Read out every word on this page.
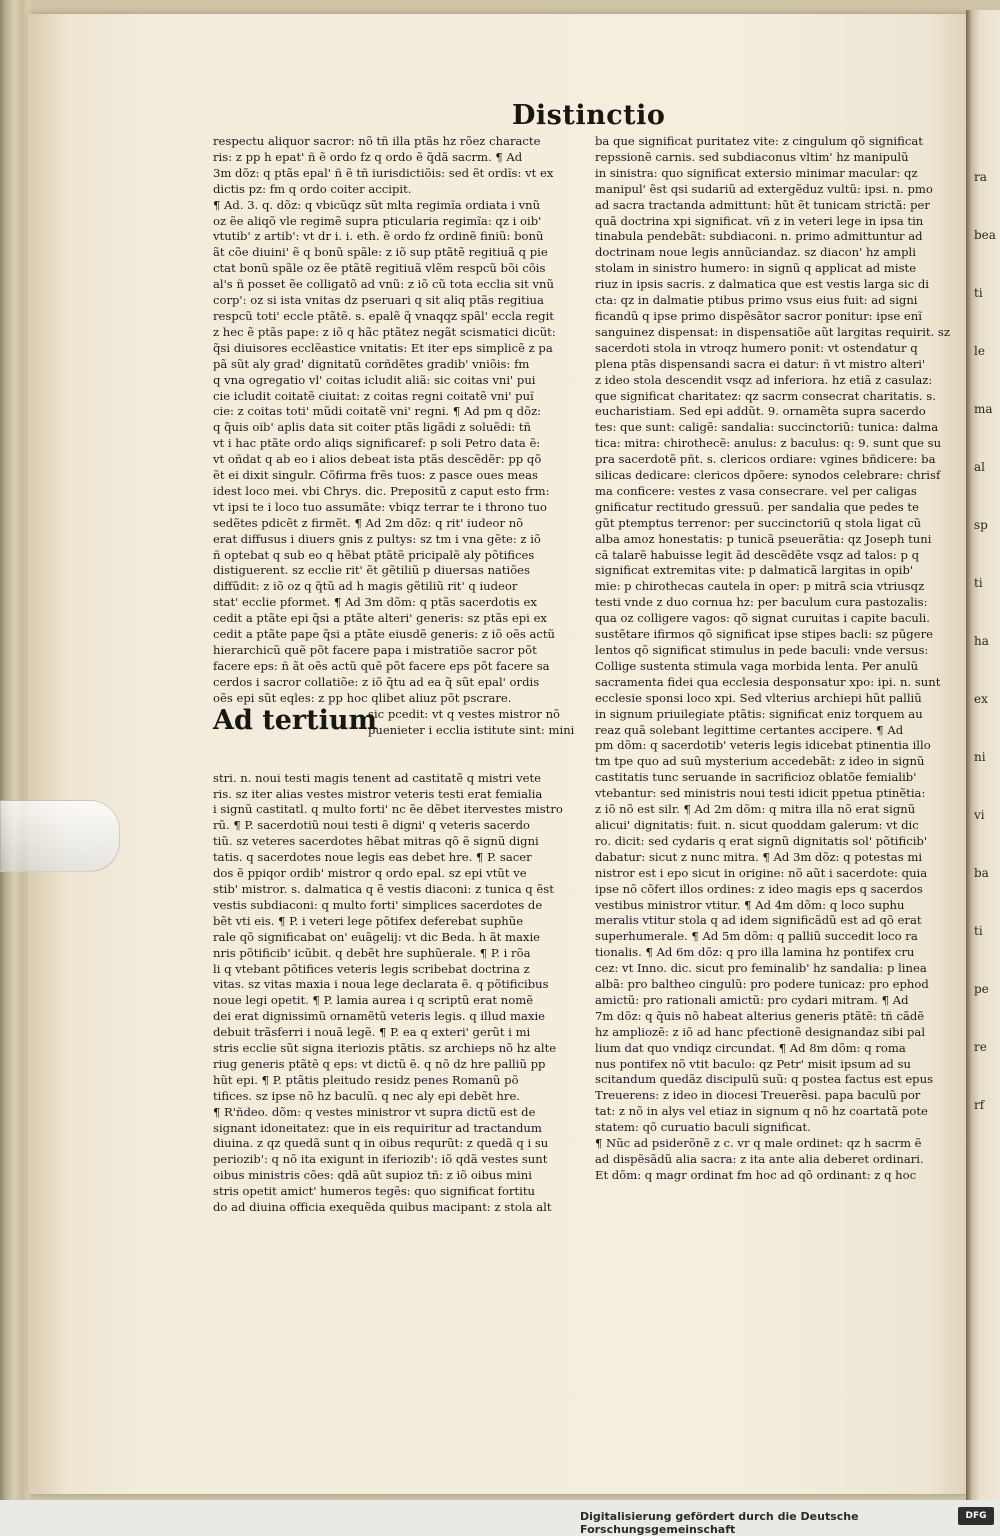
ra
bea
ti
le
ma
al
sp
ti
ha
ex
ni
vi
ba
ti
pe
re
rf
Distinctio

respectu aliquor sacror: nõ tñ illa ptãs hz rõez characte

ris: z pp h epat' ñ ẽ ordo fz q ordo ẽ q̃dã sacrm. ¶ Ad

3m dõz: q ptãs epal' ñ ẽ tñ iurisdictiõis: sed ẽt ordĩs: vt ex

dictis pz: fm q ordo coiter accipit.

¶ Ad. 3. q. dõz: q vbicũqz sũt mlta regimĩa ordiata i vnũ

oz ẽe aliqõ vle regimẽ supra pticularia regimĩa: qz i oib'

vtutib' z artib': vt dr i. i. eth. ẽ ordo fz ordinẽ finiũ: bonũ

ãt cõe diuini' ẽ q bonũ spãle: z iõ sup ptãtẽ regitiuã q pie

ctat bonũ spãle oz ẽe ptãtẽ regitiuã vlẽm respcũ bõi cõis

al's ñ posset ẽe colligatõ ad vnũ: z iõ cũ tota ecclia sit vnũ

corp': oz si ista vnitas dz pseruari q sit aliq ptãs regitiua

respcũ toti' eccle ptãtẽ. s. epalẽ q̃ vnaqqz spãl' eccla regit

z hec ẽ ptãs pape: z iõ q hãc ptãtez negãt scismatici dicũt:

q̃si diuisores ecclẽastice vnitatis: Et iter eps simplicẽ z pa

pã sũt aly grad' dignitatũ corñdẽtes gradib' vniõis: fm

q vna ogregatio vl' coitas icludit aliã: sic coitas vni' pui

cie icludit coitatẽ ciuitat: z coitas regni coitatẽ vni' puĩ

cie: z coitas toti' mũdi coitatẽ vni' regni. ¶ Ad pm q dõz:

q q̃uis oib' aplis data sit coiter ptãs ligãdi z soluẽdi: tñ

vt i hac ptãte ordo aliqs significaref: p soli Petro data ẽ:

vt oñdat q ab eo i alios debeat ista ptãs descẽdẽr: pp qõ

ẽt ei dixit singulr. Cõfirma frẽs tuos: z pasce oues meas

idest loco mei. vbi Chrys. dic. Prepositũ z caput esto frm:

vt ipsi te i loco tuo assumãte: vbiqz terrar te i throno tuo

sedẽtes pdicẽt z firmẽt. ¶ Ad 2m dõz: q rit' iudeor nõ

erat diffusus i diuers gnis z pultys: sz tm i vna gẽte: z iõ

ñ optebat q sub eo q hẽbat ptãtẽ pricipalẽ aly põtifices

distiguerent. sz ecclie rit' ẽt gẽtiliũ p diuersas natiões

diffũdit: z iõ oz q q̃tũ ad h magis gẽtiliũ rit' q iudeor

stat' ecclie pformet. ¶ Ad 3m dõm: q ptãs sacerdotis ex

cedit a ptãte epi q̃si a ptãte alteri' generis: sz ptãs epi ex

cedit a ptãte pape q̃si a ptãte eiusdẽ generis: z iõ oẽs actũ

hierarchicũ quẽ põt facere papa i mistratiõe sacror põt

facere eps: ñ ãt oẽs actũ quẽ põt facere eps põt facere sa

cerdos i sacror collatiõe: z iõ q̃tu ad ea q̃ sũt epal' ordis

oẽs epi sũt eqles: z pp hoc qlibet aliuz põt pscrare.

Ad tertium

sic pcedit: vt q vestes mistror nõ

puenieter i ecclia istitute sint: mini

stri. n. noui testi magis tenent ad castitatẽ q mistri vete

ris. sz iter alias vestes mistror veteris testi erat femialia

i signũ castitatl. q multo forti' nc ẽe dẽbet itervestes mistro

rũ. ¶ P. sacerdotiũ noui testi ẽ digni' q veteris sacerdo

tiũ. sz veteres sacerdotes hẽbat mitras qõ ẽ signũ digni

tatis. q sacerdotes noue legis eas debet hre. ¶ P. sacer

dos ẽ ppiqor ordib' mistror q ordo epal. sz epi vtũt ve

stib' mistror. s. dalmatica q ẽ vestis diaconi: z tunica q ẽst

vestis subdiaconi: q multo forti' simplices sacerdotes de

bẽt vti eis. ¶ P. i veteri lege põtifex deferebat suphũe

rale qõ significabat on' euãgelij: vt dic Beda. h ãt maxie

nris põtificib' icũbit. q debẽt hre suphũerale. ¶ P. i rõa

li q vtebant põtifices veteris legis scribebat doctrina z

vitas. sz vitas maxia i noua lege declarata ẽ. q põtificibus

noue legi opetit. ¶ P. lamia aurea i q scriptũ erat nomẽ

dei erat dignissimũ ornamẽtũ veteris legis. q illud maxie

debuit trãsferri i nouã legẽ. ¶ P. ea q exteri' gerũt i mi

stris ecclie sũt signa iteriozis ptãtis. sz archieps nõ hz alte

riug generis ptãtẽ q eps: vt dictũ ẽ. q nõ dz hre palliũ pp

hũt epi. ¶ P. ptãtis pleitudo residz penes Romanũ põ

tifices. sz ipse nõ hz baculũ. q nec aly epi debẽt hre.

¶ R'ñdeo. dõm: q vestes ministror vt supra dictũ est de

signant idoneitatez: que in eis requiritur ad tractandum

diuina. z qz quedã sunt q in oibus requrũt: z quedã q i su

periozib': q nõ ita exigunt in iferiozib': iõ qdã vestes sunt

oibus ministris cões: qdã aũt supioz tñ: z iõ oibus mini

stris opetit amict' humeros tegẽs: quo significat fortitu

do ad diuina officia exequẽda quibus macipant: z stola alt

ba que significat puritatez vite: z cingulum qõ significat

repssionẽ carnis. sed subdiaconus vltim' hz manipulũ

in sinistra: quo significat extersio minimar macular: qz

manipul' ẽst qsi sudariũ ad extergẽduz vultũ: ipsi. n. pmo

ad sacra tractanda admittunt: hũt ẽt tunicam strictã: per

quã doctrina xpi significat. vñ z in veteri lege in ipsa tin

tinabula pendebãt: subdiaconi. n. primo admittuntur ad

doctrinam noue legis annũciandaz. sz diacon' hz ampli

stolam in sinistro humero: in signũ q applicat ad miste

riuz in ipsis sacris. z dalmatica que est vestis larga sic di

cta: qz in dalmatie ptibus primo vsus eius fuit: ad signi

ficandũ q ipse primo dispẽsãtor sacror ponitur: ipse enĩ

sanguinez dispensat: in dispensatiõe aũt largitas requirit. sz

sacerdoti stola in vtroqz humero ponit: vt ostendatur q

plena ptãs dispensandi sacra ei datur: ñ vt mistro alteri'

z ideo stola descendit vsqz ad inferiora. hz etiã z casulaz:

que significat charitatez: qz sacrm consecrat charitatis. s.

eucharistiam. Sed epi addũt. 9. ornamẽta supra sacerdo

tes: que sunt: caligẽ: sandalia: succinctoriũ: tunica: dalma

tica: mitra: chirothecẽ: anulus: z baculus: q: 9. sunt que su

pra sacerdotẽ pñt. s. clericos ordiare: vgines bñdicere: ba

silicas dedicare: clericos dpõere: synodos celebrare: chrisf

ma conficere: vestes z vasa consecrare. vel per caligas

gnificatur rectitudo gressuũ. per sandalia que pedes te

gũt ptemptus terrenor: per succinctoriũ q stola ligat cũ

alba amoz honestatis: p tunicã pseuerãtia: qz Joseph tuni

cã talarẽ habuisse legit ãd descẽdẽte vsqz ad talos: p q

significat extremitas vite: p dalmaticã largitas in opib'

mie: p chirothecas cautela in oper: p mitrã scia vtriusqz

testi vnde z duo cornua hz: per baculum cura pastozalis:

qua oz colligere vagos: qõ signat curuitas i capite baculi.

sustẽtare ifirmos qõ significat ipse stipes bacli: sz pũgere

lentos qõ significat stimulus in pede baculi: vnde versus:

Collige sustenta stimula vaga morbida lenta. Per anulũ

sacramenta fidei qua ecclesia desponsatur xpo: ipi. n. sunt

ecclesie sponsi loco xpi. Sed vlterius archiepi hũt palliũ

in signum priuilegiate ptãtis: significat eniz torquem au

reaz quã solebant legittime certantes accipere. ¶ Ad

pm dõm: q sacerdotib' veteris legis idicebat ptinentia illo

tm tpe quo ad suũ mysterium accedebãt: z ideo in signũ

castitatis tunc seruande in sacrificioz oblatõe femialib'

vtebantur: sed ministris noui testi idicit ppetua ptinẽtia:

z iõ nõ est silr. ¶ Ad 2m dõm: q mitra illa nõ erat signũ

alicui' dignitatis: fuit. n. sicut quoddam galerum: vt dic

ro. dicit: sed cydaris q erat signũ dignitatis sol' põtificib'

dabatur: sicut z nunc mitra. ¶ Ad 3m dõz: q potestas mi

nistror est i epo sicut in origine: nõ aũt i sacerdote: quia

ipse nõ cõfert illos ordines: z ideo magis eps q sacerdos

vestibus ministror vtitur. ¶ Ad 4m dõm: q loco suphu

meralis vtitur stola q ad idem significãdũ est ad qõ erat

superhumerale. ¶ Ad 5m dõm: q palliũ succedit loco ra

tionalis. ¶ Ad 6m dõz: q pro illa lamina hz pontifex cru

cez: vt Inno. dic. sicut pro feminalib' hz sandalia: p linea

albã: pro baltheo cingulũ: pro podere tunicaz: pro ephod

amictũ: pro rationali amictũ: pro cydari mitram. ¶ Ad

7m dõz: q q̃uis nõ habeat alterius generis ptãtẽ: tñ cãdẽ

hz ampliozẽ: z iõ ad hanc pfectionẽ designandaz sibi pal

lium dat quo vndiqz circundat. ¶ Ad 8m dõm: q roma

nus pontifex nõ vtit baculo: qz Petr' misit ipsum ad su

scitandum quedãz discipulũ suũ: q postea factus est epus

Treuerens: z ideo in diocesi Treuerẽsi. papa baculũ por

tat: z nõ in alys vel etiaz in signum q nõ hz coartatã pote

statem: qõ curuatio baculi significat.

¶ Nũc ad psiderõnẽ z c. vr q male ordinet: qz h sacrm ẽ

ad dispẽsãdũ alia sacra: z ita ante alia deberet ordinari.

Et dõm: q magr ordinat fm hoc ad qõ ordinant: z q hoc

Digitalisierung gefördert durch die Deutsche Forschungsgemeinschaft
DFG
